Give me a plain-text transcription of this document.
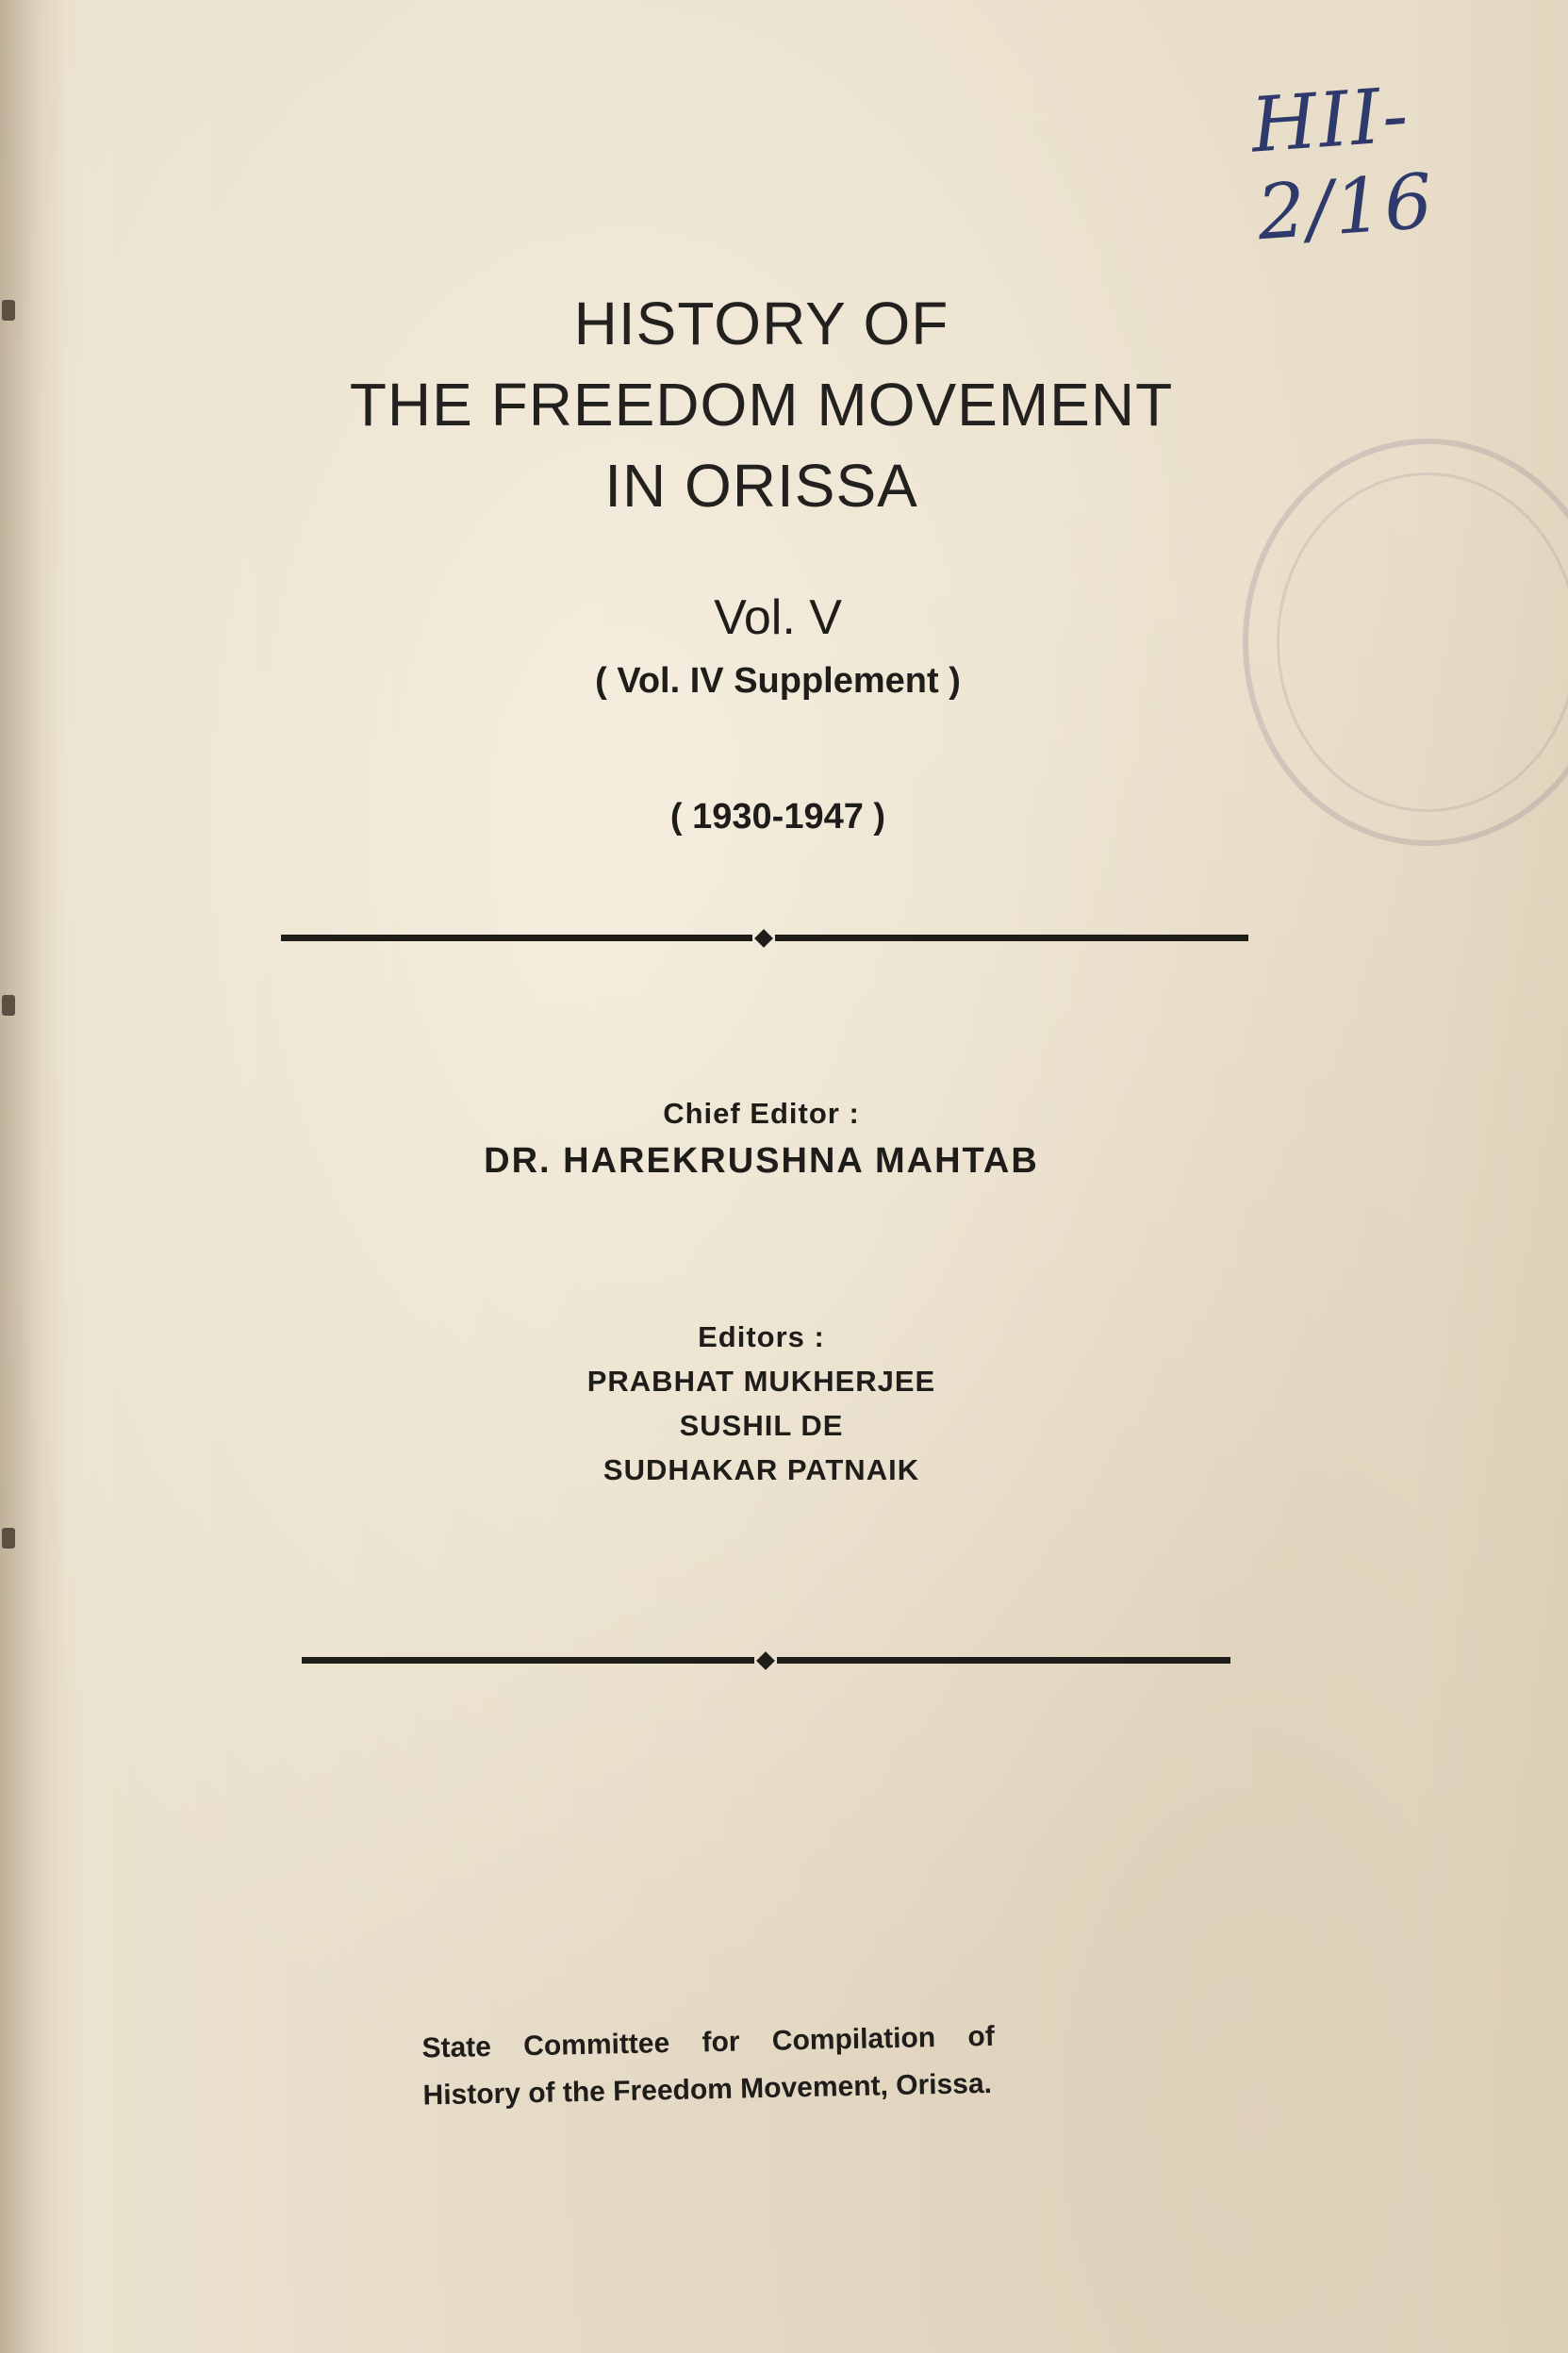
HII-2/16
HISTORY OF
THE FREEDOM MOVEMENT
IN ORISSA
Vol. V
( Vol. IV Supplement )
( 1930-1947 )
Chief Editor :
DR. HAREKRUSHNA MAHTAB
Editors :
PRABHAT MUKHERJEE
SUSHIL DE
SUDHAKAR PATNAIK
State Committee for Compilation of
History of the Freedom Movement, Orissa.
